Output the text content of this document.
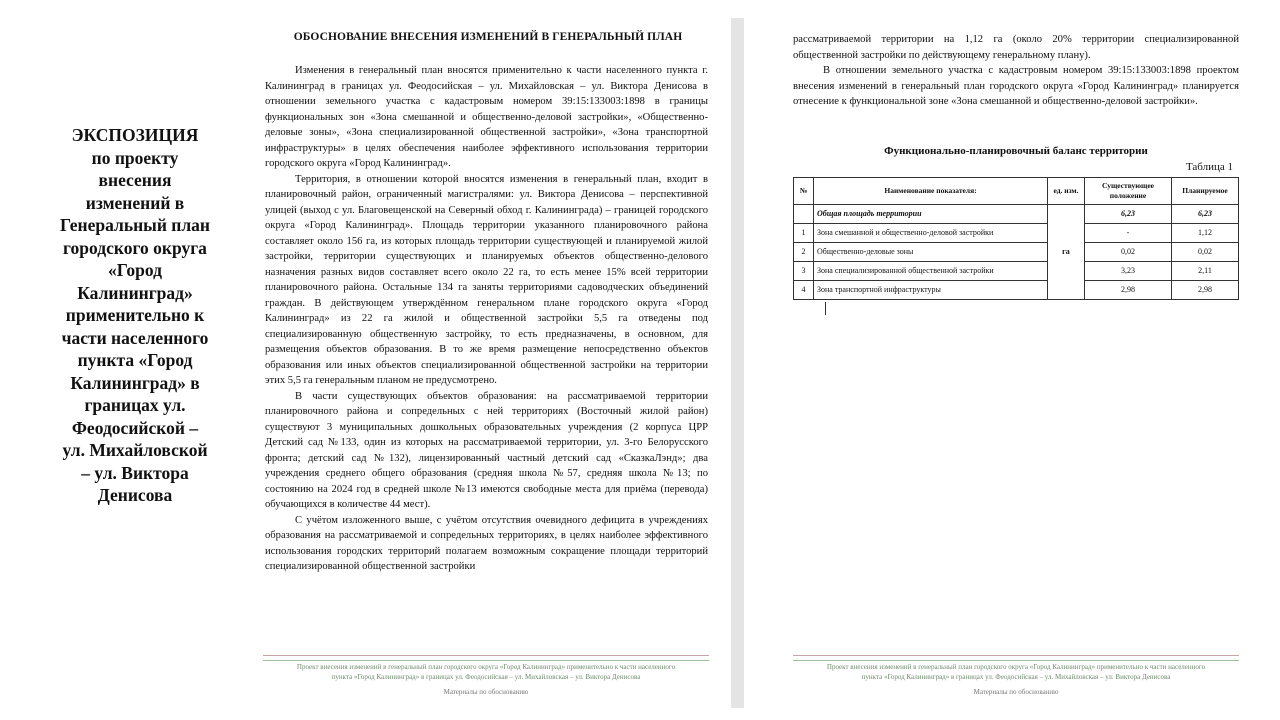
ЭКСПОЗИЦИЯ
по проекту
внесения
изменений в
Генеральный план
городского округа
«Город
Калининград»
применительно к
части населенного
пункта «Город
Калининград» в
границах ул.
Феодосийской –
ул. Михайловской
– ул. Виктора
Денисова
ОБОСНОВАНИЕ ВНЕСЕНИЯ ИЗМЕНЕНИЙ В ГЕНЕРАЛЬНЫЙ ПЛАН

Изменения в генеральный план вносятся применительно к части населенного пункта г. Калининград в границах ул. Феодосийская – ул. Михайловская – ул. Виктора Денисова в отношении земельного участка с кадастровым номером 39:15:133003:1898 в границы функциональных зон «Зона смешанной и общественно-деловой застройки», «Общественно-деловые зоны», «Зона специализированной общественной застройки», «Зона транспортной инфраструктуры» в целях обеспечения наиболее эффективного использования территории городского округа «Город Калининград».

Территория, в отношении которой вносятся изменения в генеральный план, входит в планировочный район, ограниченный магистралями: ул. Виктора Денисова – перспективной улицей (выход с ул. Благовещенской на Северный обход г. Калининграда) – границей городского округа «Город Калининград». Площадь территории указанного планировочного района составляет около 156 га, из которых площадь территории существующей и планируемой жилой застройки, территории существующих и планируемых объектов общественно-делового назначения разных видов составляет всего около 22 га, то есть менее 15% всей территории планировочного района. Остальные 134 га заняты территориями садоводческих объединений граждан. В действующем утверждённом генеральном плане городского округа «Город Калининград» из 22 га жилой и общественной застройки 5,5 га отведены под специализированную общественную застройку, то есть предназначены, в основном, для размещения объектов образования. В то же время размещение непосредственно объектов образования или иных объектов специализированной общественной застройки на территории этих 5,5 га генеральным планом не предусмотрено.

В части существующих объектов образования: на рассматриваемой территории планировочного района и сопредельных с ней территориях (Восточный жилой район) существуют 3 муниципальных дошкольных образовательных учреждения (2 корпуса ЦРР Детский сад №133, один из которых на рассматриваемой территории, ул. 3-го Белорусского фронта; детский сад №132), лицензированный частный детский сад «СказкаЛэнд»; два учреждения среднего общего образования (средняя школа №57, средняя школа №13; по состоянию на 2024 год в средней школе №13 имеются свободные места для приёма (перевода) обучающихся в количестве 44 мест).

С учётом изложенного выше, с учётом отсутствия очевидного дефицита в учреждениях образования на рассматриваемой и сопредельных территориях, в целях наиболее эффективного использования городских территорий полагаем возможным сокращение площади территорий специализированной общественной застройки

Проект внесения изменений в генеральный план городского округа «Город Калининград» применительно к части населенного
пункта «Город Калининград» в границах ул. Феодосийская – ул. Михайловская – ул. Виктора Денисова
Материалы по обоснованию

рассматриваемой территории на 1,12 га (около 20% территории специализированной общественной застройки по действующему генеральному плану).

В отношении земельного участка с кадастровым номером 39:15:133003:1898 проектом внесения изменений в генеральный план городского округа «Город Калининград» планируется отнесение к функциональной зоне «Зона смешанной и общественно-деловой застройки».

Функционально-планировочный баланс территории
Таблица 1
№	Наименование показателя:	ед. изм.	Существующее положение	Планируемое
	Общая площадь территории	га	6,23	6,23
1	Зона смешанной и общественно-деловой застройки		-	1,12
2	Общественно-деловые зоны		0,02	0,02
3	Зона специализированной общественной застройки		3,23	2,11
4	Зона транспортной инфраструктуры		2,98	2,98
Проект внесения изменений в генеральный план городского округа «Город Калининград» применительно к части населенного
пункта «Город Калининград» в границах ул. Феодосийская – ул. Михайловская – ул. Виктора Денисова
Материалы по обоснованию
